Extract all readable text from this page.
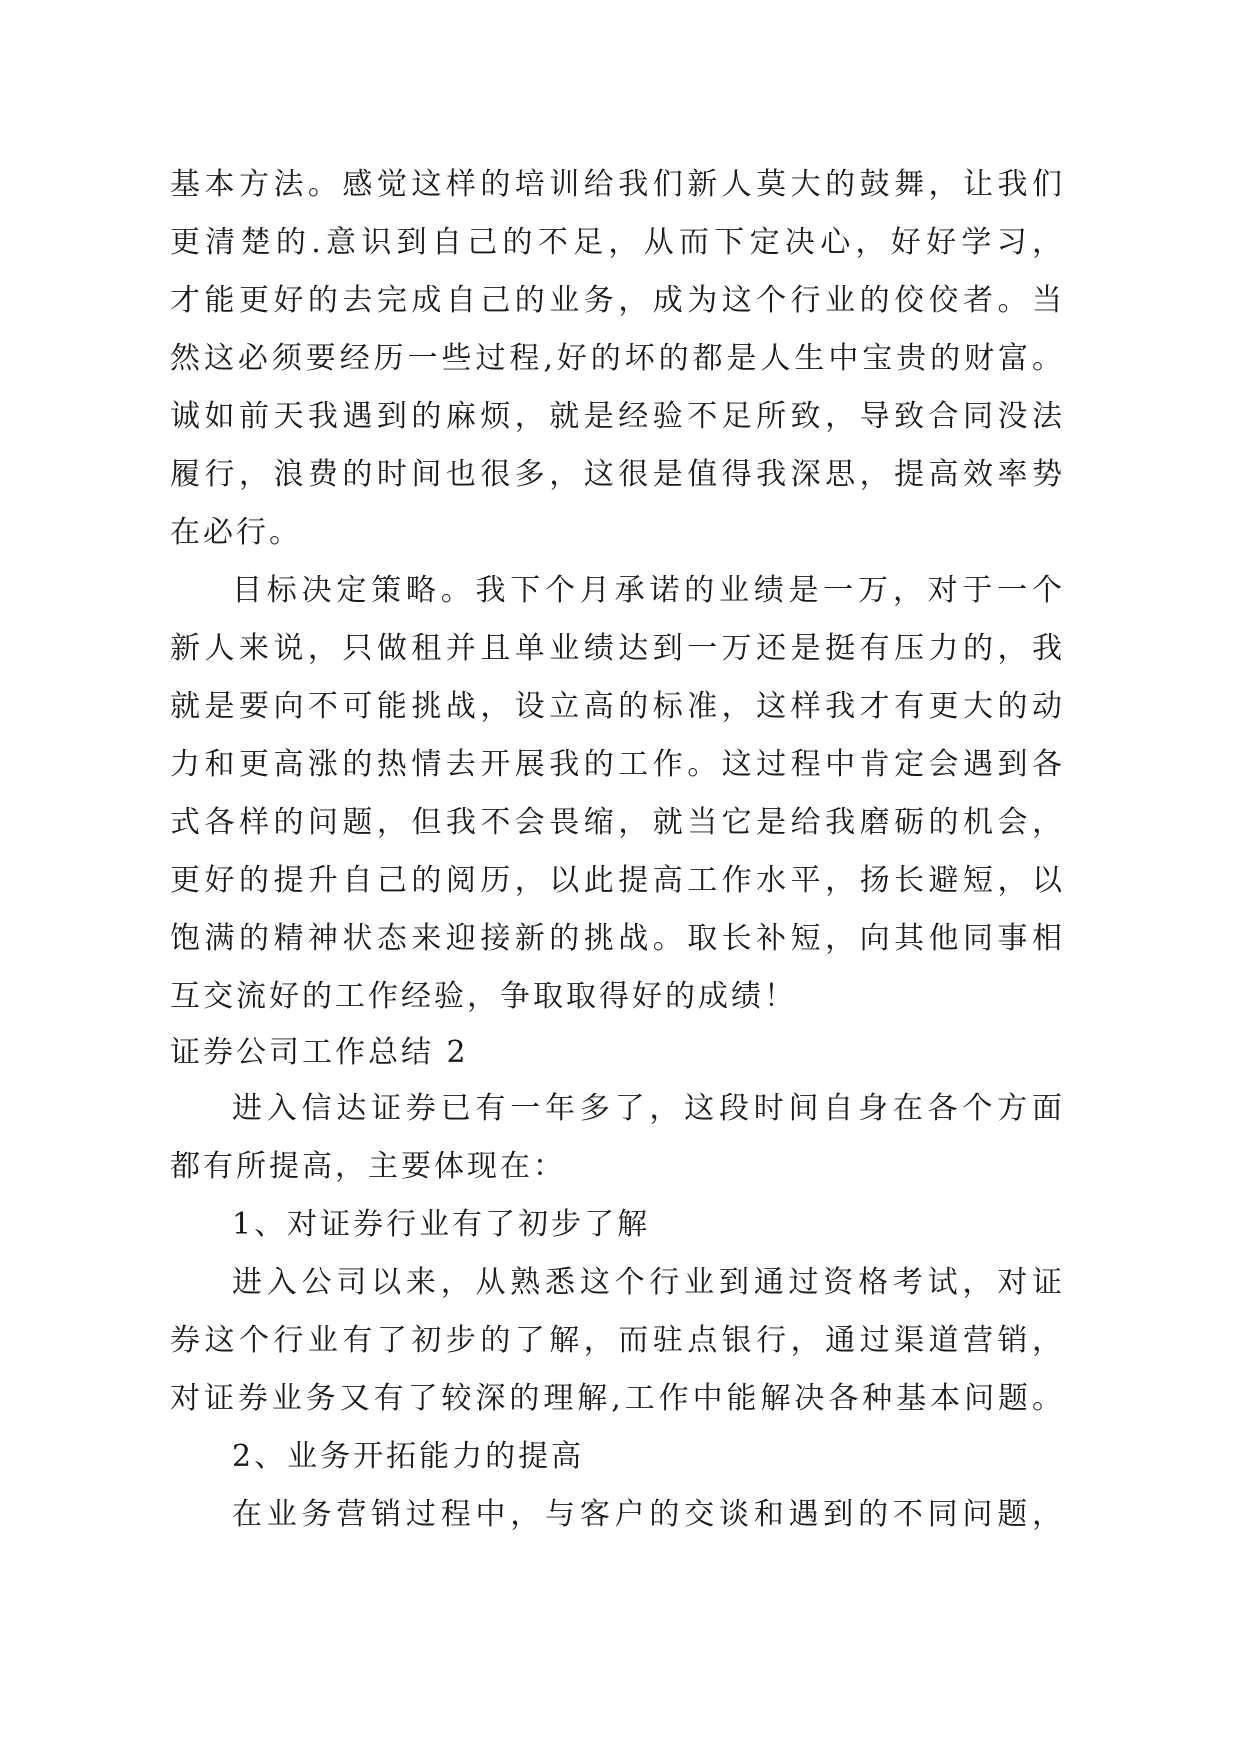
基本方法。感觉这样的培训给我们新人莫大的鼓舞，让我们
更清楚的.意识到自己的不足，从而下定决心，好好学习，
才能更好的去完成自己的业务，成为这个行业的佼佼者。当
然这必须要经历一些过程,好的坏的都是人生中宝贵的财富。
诚如前天我遇到的麻烦，就是经验不足所致，导致合同没法
履行，浪费的时间也很多，这很是值得我深思，提高效率势
在必行。
目标决定策略。我下个月承诺的业绩是一万，对于一个
新人来说，只做租并且单业绩达到一万还是挺有压力的，我
就是要向不可能挑战，设立高的标准，这样我才有更大的动
力和更高涨的热情去开展我的工作。这过程中肯定会遇到各
式各样的问题，但我不会畏缩，就当它是给我磨砺的机会，
更好的提升自己的阅历，以此提高工作水平，扬长避短，以
饱满的精神状态来迎接新的挑战。取长补短，向其他同事相
互交流好的工作经验，争取取得好的成绩！
证券公司工作总结 2
进入信达证券已有一年多了，这段时间自身在各个方面
都有所提高，主要体现在：
1、对证券行业有了初步了解
进入公司以来，从熟悉这个行业到通过资格考试，对证
券这个行业有了初步的了解，而驻点银行，通过渠道营销，
对证券业务又有了较深的理解,工作中能解决各种基本问题。
2、业务开拓能力的提高
在业务营销过程中，与客户的交谈和遇到的不同问题，
